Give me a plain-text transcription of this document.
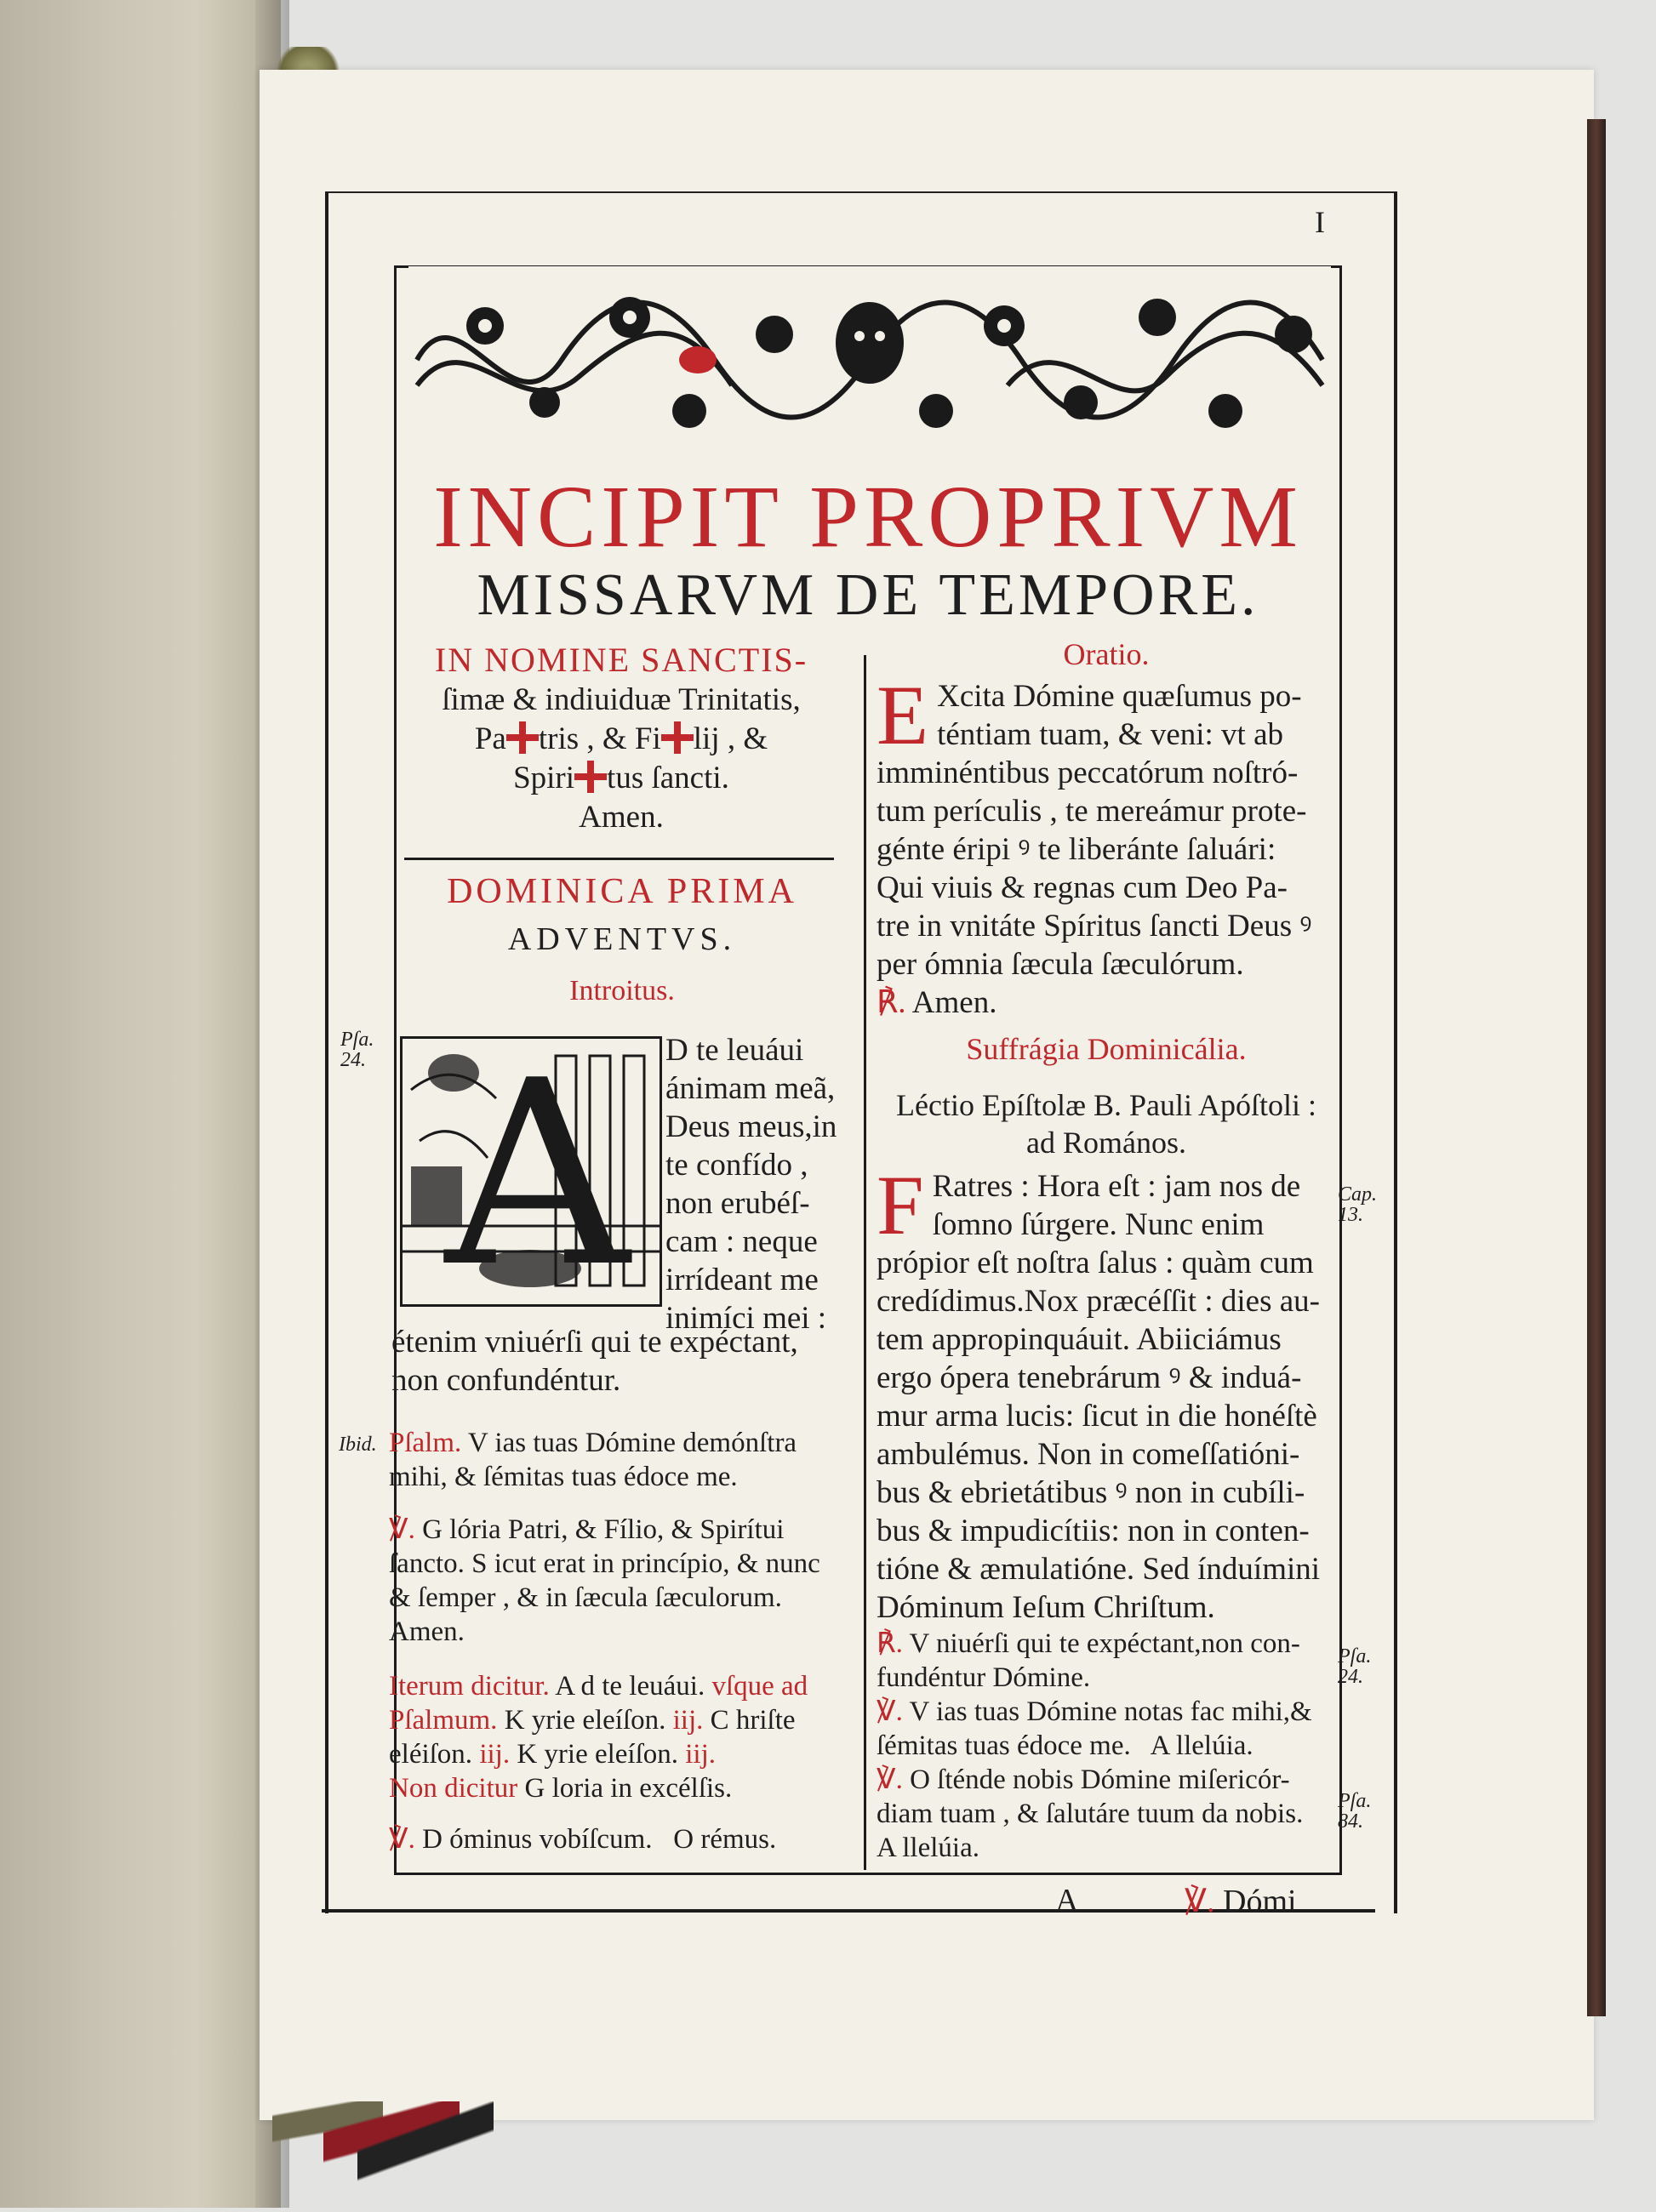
I
INCIPIT PROPRIVM
MISSARVM DE TEMPORE.
IN NOMINE SANCTIS-
ſimæ & indiuiduæ Trinitatis,
Pa tris , & Fi lij , &
Spiri tus ſancti.
Amen.
DOMINICA PRIMA
ADVENTVS.
Introitus.
Pſa.
24. A D te leuáui
ánimam meã,
Deus meus,in
te confído ,
non erubéſ-
cam : neque
irrídeant me
inimíci mei :
étenim vniuérſi qui te expéctant,
non confundéntur.
Ibid. Pſalm. V ias tuas Dómine demónſtra
mihi, & ſémitas tuas édoce me.
℣. G lória Patri, & Fílio, & Spirítui
ſancto. S icut erat in princípio, & nunc
& ſemper , & in ſæcula ſæculorum.
Amen.
Iterum dicitur. A d te leuáui. vſque ad
Pſalmum. K yrie eleíſon. iij. C hriſte
eléiſon. iij. K yrie eleíſon. iij.
Non dicitur G loria in excélſis.
℣. D óminus vobíſcum. O rémus.
Oratio.
E Xcita Dómine quæſumus po-
téntiam tuam, & veni: vt ab
imminéntibus peccatórum noſtró-
tum perículis , te mereámur prote-
génte éripi ꝰ te liberánte ſaluári:
Qui viuis & regnas cum Deo Pa-
tre in vnitáte Spíritus ſancti Deus ꝰ
per ómnia ſæcula ſæculórum.
℟. Amen.
Suffrágia Dominicália.
Léctio Epíſtolæ B. Pauli Apóſtoli :
ad Romános.
F Ratres : Hora eſt : jam nos de
ſomno ſúrgere. Nunc enim
própior eſt noſtra ſalus : quàm cum
credídimus.Nox præcéſſit : dies au-
tem appropinquáuit. Abiiciámus
ergo ópera tenebrárum ꝰ & induá-
mur arma lucis: ſicut in die honéſtè
ambulémus. Non in comeſſatióni-
bus & ebrietátibus ꝰ non in cubíli-
bus & impudicítiis: non in conten-
tióne & æmulatióne. Sed índuímini
Dóminum Ieſum Chriſtum.
Cap.
13.
℟. V niuérſi qui te expéctant,non con-
fundéntur Dómine.
℣. V ias tuas Dómine notas fac mihi,&
ſémitas tuas édoce me. A llelúia.
℣. O ſténde nobis Dómine miſericór-
diam tuam , & ſalutáre tuum da nobis.
A llelúia.
Pſa.
24.
Pſa.
84.
A	℣. Dómi
